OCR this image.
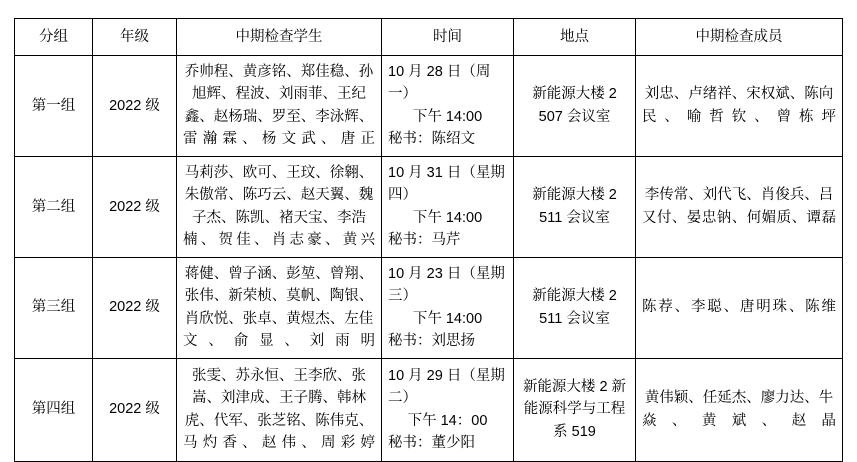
分组	年级	中期检查学生	时间	地点	中期检查成员
第一组	2022 级	乔帅程、黄彦铭、郑佳稳、孙旭辉、程波、刘雨菲、王纪鑫、赵杨瑞、罗至、李泳辉、雷瀚霖、杨文武、唐正	10 月 28 日（周一）
下午 14:00
秘书：陈绍文	新能源大楼 2 507 会议室	刘忠、卢绪祥、宋权斌、陈向民、喻哲钦、曾栋坪
第二组	2022 级	马莉莎、欧可、王玟、徐翱、朱傲常、陈巧云、赵天翼、魏子杰、陈凯、褚天宝、李浩楠、贺佳、肖志豪、黄兴	10 月 31 日（星期四）
下午 14:00
秘书：马芹	新能源大楼 2 511 会议室	李传常、刘代飞、肖俊兵、吕又付、晏忠钠、何媚质、谭磊
第三组	2022 级	蒋健、曾子涵、彭堃、曾翔、张伟、新荣桢、莫帆、陶银、肖欣悦、张卓、黄煜杰、左佳文、俞显、刘雨明	10 月 23 日（星期三）
下午 14:00
秘书：刘思扬	新能源大楼 2 511 会议室	陈荐、李聪、唐明珠、陈维
第四组	2022 级	张雯、苏永恒、王李欣、张嵩、刘津成、王子腾、韩林虎、代军、张芝铭、陈伟克、马灼香、赵伟、周彩婷	10 月 29 日（星期二）
下午 14：00
秘书：董少阳	新能源大楼 2 新能源科学与工程系 519	黄伟颖、任延杰、廖力达、牛焱、黄斌、赵晶
